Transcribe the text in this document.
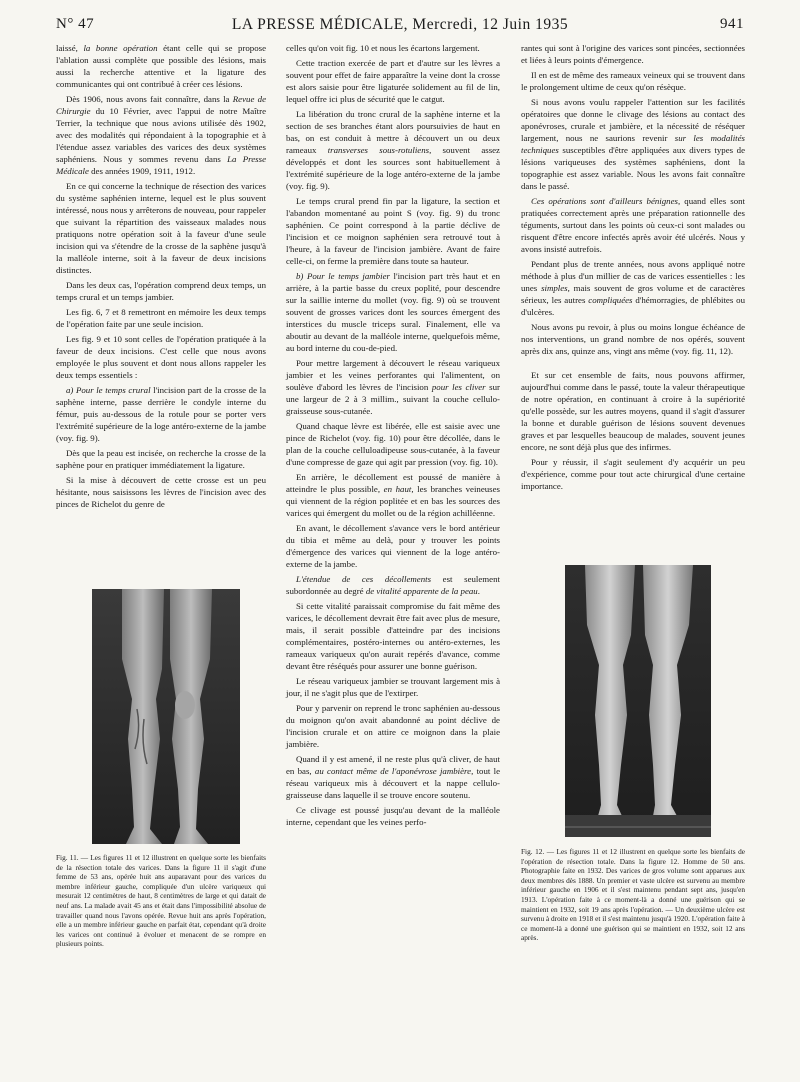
N° 47	LA PRESSE MÉDICALE, Mercredi, 12 Juin 1935	941

laissé, la bonne opération étant celle qui se propose l'ablation aussi complète que possible des lésions, mais aussi la recherche attentive et la ligature des communicantes qui ont contribué à créer ces lésions.

Dès 1906, nous avons fait connaître, dans la Revue de Chirurgie du 10 Février, avec l'appui de notre Maître Terrier, la technique que nous avions utilisée dès 1902, avec des modalités qui répondaient à la topographie et à l'étendue assez variables des varices des deux systèmes saphéniens. Nous y sommes revenu dans La Presse Médicale des années 1909, 1911, 1912.

En ce qui concerne la technique de résection des varices du système saphénien interne, lequel est le plus souvent intéressé, nous nous y arrêterons de nouveau, pour rappeler que suivant la répartition des vaisseaux malades nous pratiquons notre opération soit à la faveur d'une seule incision qui va s'étendre de la crosse de la saphène jusqu'à la malléole interne, soit à la faveur de deux incisions distinctes.

Dans les deux cas, l'opération comprend deux temps, un temps crural et un temps jambier.

Les fig. 6, 7 et 8 remettront en mémoire les deux temps de l'opération faite par une seule incision.

Les fig. 9 et 10 sont celles de l'opération pratiquée à la faveur de deux incisions. C'est celle que nous avons employée le plus souvent et dont nous allons rappeler les deux temps essentiels :

a) Pour le temps crural l'incision part de la crosse de la saphène interne, passe derrière le condyle interne du fémur, puis au-dessous de la rotule pour se porter vers l'extrémité supérieure de la loge antéro-externe de la jambe (voy. fig. 9).

Dès que la peau est incisée, on recherche la crosse de la saphène pour en pratiquer immédiatement la ligature.

Si la mise à découvert de cette crosse est un peu hésitante, nous saisissons les lèvres de l'incision avec des pinces de Richelot du genre de

celles qu'on voit fig. 10 et nous les écartons largement.

Cette traction exercée de part et d'autre sur les lèvres a souvent pour effet de faire apparaître la veine dont la crosse est alors saisie pour être ligaturée solidement au fil de lin, lequel offre ici plus de sécurité que le catgut.

La libération du tronc crural de la saphène interne et la section de ses branches étant alors poursuivies de haut en bas, on est conduit à mettre à découvert un ou deux rameaux transverses sous-rotuliens, souvent assez développés et dont les sources sont habituellement à l'extrémité supérieure de la loge antéro-externe de la jambe (voy. fig. 9).

Le temps crural prend fin par la ligature, la section et l'abandon momentané au point S (voy. fig. 9) du tronc saphénien. Ce point correspond à la partie déclive de l'incision et ce moignon saphénien sera retrouvé tout à l'heure, à la faveur de l'incision jambière. Avant de faire celle-ci, on ferme la première dans toute sa hauteur.

b) Pour le temps jambier l'incision part très haut et en arrière, à la partie basse du creux poplité, pour descendre sur la saillie interne du mollet (voy. fig. 9) où se trouvent souvent de grosses varices dont les sources émergent des interstices du muscle triceps sural. Finalement, elle va aboutir au devant de la malléole interne, quelquefois même, au bord interne du cou-de-pied.

Pour mettre largement à découvert le réseau variqueux jambier et les veines perforantes qui l'alimentent, on soulève d'abord les lèvres de l'incision pour les cliver sur une largeur de 2 à 3 millim., suivant la couche cellulo-graisseuse sous-cutanée.

Quand chaque lèvre est libérée, elle est saisie avec une pince de Richelot (voy. fig. 10) pour être décollée, dans le plan de la couche celluloadipeuse sous-cutanée, à la faveur d'une compresse de gaze qui agit par pression (voy. fig. 10).

En arrière, le décollement est poussé de manière à atteindre le plus possible, en haut, les branches veineuses qui viennent de la région poplitée et en bas les sources des varices qui émergent du mollet ou de la région achilléenne.

En avant, le décollement s'avance vers le bord antérieur du tibia et même au delà, pour y trouver les points d'émergence des varices qui viennent de la loge antéro-externe de la jambe.

L'étendue de ces décollements est seulement subordonnée au degré de vitalité apparente de la peau.

Si cette vitalité paraissait compromise du fait même des varices, le décollement devrait être fait avec plus de mesure, mais, il serait possible d'atteindre par des incisions complémentaires, postéro-internes ou antéro-externes, les rameaux variqueux qu'on aurait repérés d'avance, comme devant être réséqués pour assurer une bonne guérison.

Le réseau variqueux jambier se trouvant largement mis à jour, il ne s'agit plus que de l'extirper.

Pour y parvenir on reprend le tronc saphénien au-dessous du moignon qu'on avait abandonné au point déclive de l'incision crurale et on attire ce moignon dans la plaie jambière.

Quand il y est amené, il ne reste plus qu'à cliver, de haut en bas, au contact même de l'aponévrose jambière, tout le réseau variqueux mis à découvert et la nappe cellulo-graisseuse dans laquelle il se trouve encore soutenu.

Ce clivage est poussé jusqu'au devant de la malléole interne, cependant que les veines perfo-

rantes qui sont à l'origine des varices sont pincées, sectionnées et liées à leurs points d'émergence.

Il en est de même des rameaux veineux qui se trouvent dans le prolongement ultime de ceux qu'on résèque.

Si nous avons voulu rappeler l'attention sur les facilités opératoires que donne le clivage des lésions au contact des aponévroses, crurale et jambière, et la nécessité de réséquer largement, nous ne saurions revenir sur les modalités techniques susceptibles d'être appliquées aux divers types de lésions variqueuses des systèmes saphéniens, dont la topographie est assez variable. Nous les avons fait connaître dans le passé.

Ces opérations sont d'ailleurs bénignes, quand elles sont pratiquées correctement après une préparation rationnelle des téguments, surtout dans les points où ceux-ci sont malades ou risquent d'être encore infectés après avoir été ulcérés. Nous y avons insisté autrefois.

Pendant plus de trente années, nous avons appliqué notre méthode à plus d'un millier de cas de varices essentielles : les unes simples, mais souvent de gros volume et de caractères sérieux, les autres compliquées d'hémorragies, de phlébites ou d'ulcères.

Nous avons pu revoir, à plus ou moins longue échéance de nos interventions, un grand nombre de nos opérés, souvent après dix ans, quinze ans, vingt ans même (voy. fig. 11, 12).

Et sur cet ensemble de faits, nous pouvons affirmer, aujourd'hui comme dans le passé, toute la valeur thérapeutique de notre opération, en continuant à croire à la supériorité qu'elle possède, sur les autres moyens, quand il s'agit d'assurer la bonne et durable guérison de lésions souvent devenues graves et par lesquelles beaucoup de malades, souvent jeunes encore, ne sont déjà plus que des infirmes.

Pour y réussir, il s'agit seulement d'y acquérir un peu d'expérience, comme pour tout acte chirurgical d'une certaine importance.

Fig. 11. — Les figures 11 et 12 illustrent en quelque sorte les bienfaits de la résection totale des varices. Dans la figure 11 il s'agit d'une femme de 53 ans, opérée huit ans auparavant pour des varices du membre inférieur gauche, compliquée d'un ulcère variqueux qui mesurait 12 centimètres de haut, 8 centimètres de large et qui datait de neuf ans. La malade avait 45 ans et était dans l'impossibilité absolue de travailler quand nous l'avons opérée. Revue huit ans après l'opération, elle a un membre inférieur gauche en parfait état, cependant qu'à droite les varices ont continué à évoluer et menacent de se rompre en plusieurs points.
Fig. 12. — Les figures 11 et 12 illustrent en quelque sorte les bienfaits de l'opération de résection totale. Dans la figure 12. Homme de 50 ans. Photographie faite en 1932. Des varices de gros volume sont apparues aux deux membres dès 1888. Un premier et vaste ulcère est survenu au membre inférieur gauche en 1906 et il s'est maintenu pendant sept ans, jusqu'en 1913. L'opération faite à ce moment-là a donné une guérison qui se maintient en 1932, soit 19 ans après l'opération. — Un deuxième ulcère est survenu à droite en 1918 et il s'est maintenu jusqu'à 1920. L'opération faite à ce moment-là a donné une guérison qui se maintient en 1932, soit 12 ans après.
